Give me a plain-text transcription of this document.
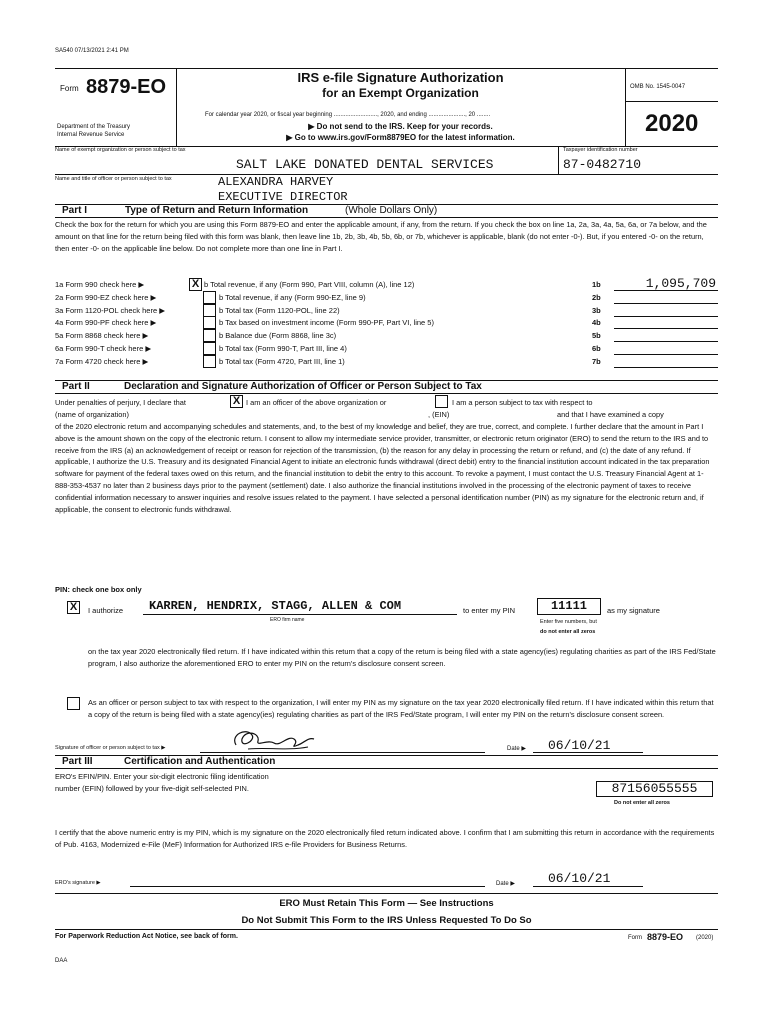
SA540 07/13/2021 2:41 PM
Form 8879-EO
Department of the Treasury
Internal Revenue Service
IRS e-file Signature Authorization
for an Exempt Organization
For calendar year 2020, or fiscal year beginning .........................., 2020, and ending ......................, 20 ........
▶ Do not send to the IRS. Keep for your records.
▶ Go to www.irs.gov/Form8879EO for the latest information.
OMB No. 1545-0047
2020
Name of exempt organization or person subject to tax	Taxpayer identification number
SALT LAKE DONATED DENTAL SERVICES	87-0482710
Name and title of officer or person subject to tax	ALEXANDRA HARVEY
EXECUTIVE DIRECTOR
Part I	Type of Return and Return Information	(Whole Dollars Only)
Check the box for the return for which you are using this Form 8879-EO and enter the applicable amount, if any, from the return. If you check the box on line 1a, 2a, 3a, 4a, 5a, 6a, or 7a below, and the amount on that line for the return being filed with this form was blank, then leave line 1b, 2b, 3b, 4b, 5b, 6b, or 7b, whichever is applicable, blank (do not enter -0-). But, if you entered -0- on the return, then enter -0- on the applicable line below. Do not complete more than one line in Part I.
1a Form 990 check here ▶	X b Total revenue, if any (Form 990, Part VIII, column (A), line 12)	1b	1,095,709
2a Form 990-EZ check here ▶	b Total revenue, if any (Form 990-EZ, line 9)	2b
3a Form 1120-POL check here ▶	b Total tax (Form 1120-POL, line 22)	3b
4a Form 990-PF check here ▶	b Tax based on investment income (Form 990-PF, Part VI, line 5)	4b
5a Form 8868 check here ▶	b Balance due (Form 8868, line 3c)	5b
6a Form 990-T check here ▶	b Total tax (Form 990-T, Part III, line 4)	6b
7a Form 4720 check here ▶	b Total tax (Form 4720, Part III, line 1)	7b
Part II	Declaration and Signature Authorization of Officer or Person Subject to Tax
Under penalties of perjury, I declare that	X I am an officer of the above organization or	I am a person subject to tax with respect to
(name of organization)	, (EIN)	and that I have examined a copy
of the 2020 electronic return and accompanying schedules and statements, and, to the best of my knowledge and belief, they are true, correct, and complete. I further declare that the amount in Part I above is the amount shown on the copy of the electronic return. I consent to allow my intermediate service provider, transmitter, or electronic return originator (ERO) to send the return to the IRS and to receive from the IRS (a) an acknowledgement of receipt or reason for rejection of the transmission, (b) the reason for any delay in processing the return or refund, and (c) the date of any refund. If applicable, I authorize the U.S. Treasury and its designated Financial Agent to initiate an electronic funds withdrawal (direct debit) entry to the financial institution account indicated in the tax preparation software for payment of the federal taxes owed on this return, and the financial institution to debit the entry to this account. To revoke a payment, I must contact the U.S. Treasury Financial Agent at 1-888-353-4537 no later than 2 business days prior to the payment (settlement) date. I also authorize the financial institutions involved in the processing of the electronic payment of taxes to receive confidential information necessary to answer inquiries and resolve issues related to the payment. I have selected a personal identification number (PIN) as my signature for the electronic return and, if applicable, the consent to electronic funds withdrawal.
PIN: check one box only
X	I authorize KARREN, HENDRIX, STAGG, ALLEN & COM
ERO firm name
to enter my PIN	11111	as my signature
Enter five numbers, but
do not enter all zeros
on the tax year 2020 electronically filed return. If I have indicated within this return that a copy of the return is being filed with a state agency(ies) regulating charities as part of the IRS Fed/State program, I also authorize the aforementioned ERO to enter my PIN on the return's disclosure consent screen.
As an officer or person subject to tax with respect to the organization, I will enter my PIN as my signature on the tax year 2020 electronically filed return. If I have indicated within this return that a copy of the return is being filed with a state agency(ies) regulating charities as part of the IRS Fed/State program, I will enter my PIN on the return's disclosure consent screen.
Signature of officer or person subject to tax ▶	Date ▶ 06/10/21
Part III	Certification and Authentication
ERO's EFIN/PIN. Enter your six-digit electronic filing identification
number (EFIN) followed by your five-digit self-selected PIN.	87156055555
Do not enter all zeros
I certify that the above numeric entry is my PIN, which is my signature on the 2020 electronically filed return indicated above. I confirm that I am submitting this return in accordance with the requirements of Pub. 4163, Modernized e-File (MeF) Information for Authorized IRS e-file Providers for Business Returns.
ERO's signature ▶	Date ▶	06/10/21
ERO Must Retain This Form — See Instructions
Do Not Submit This Form to the IRS Unless Requested To Do So
For Paperwork Reduction Act Notice, see back of form.	Form 8879-EO (2020)
DAA
